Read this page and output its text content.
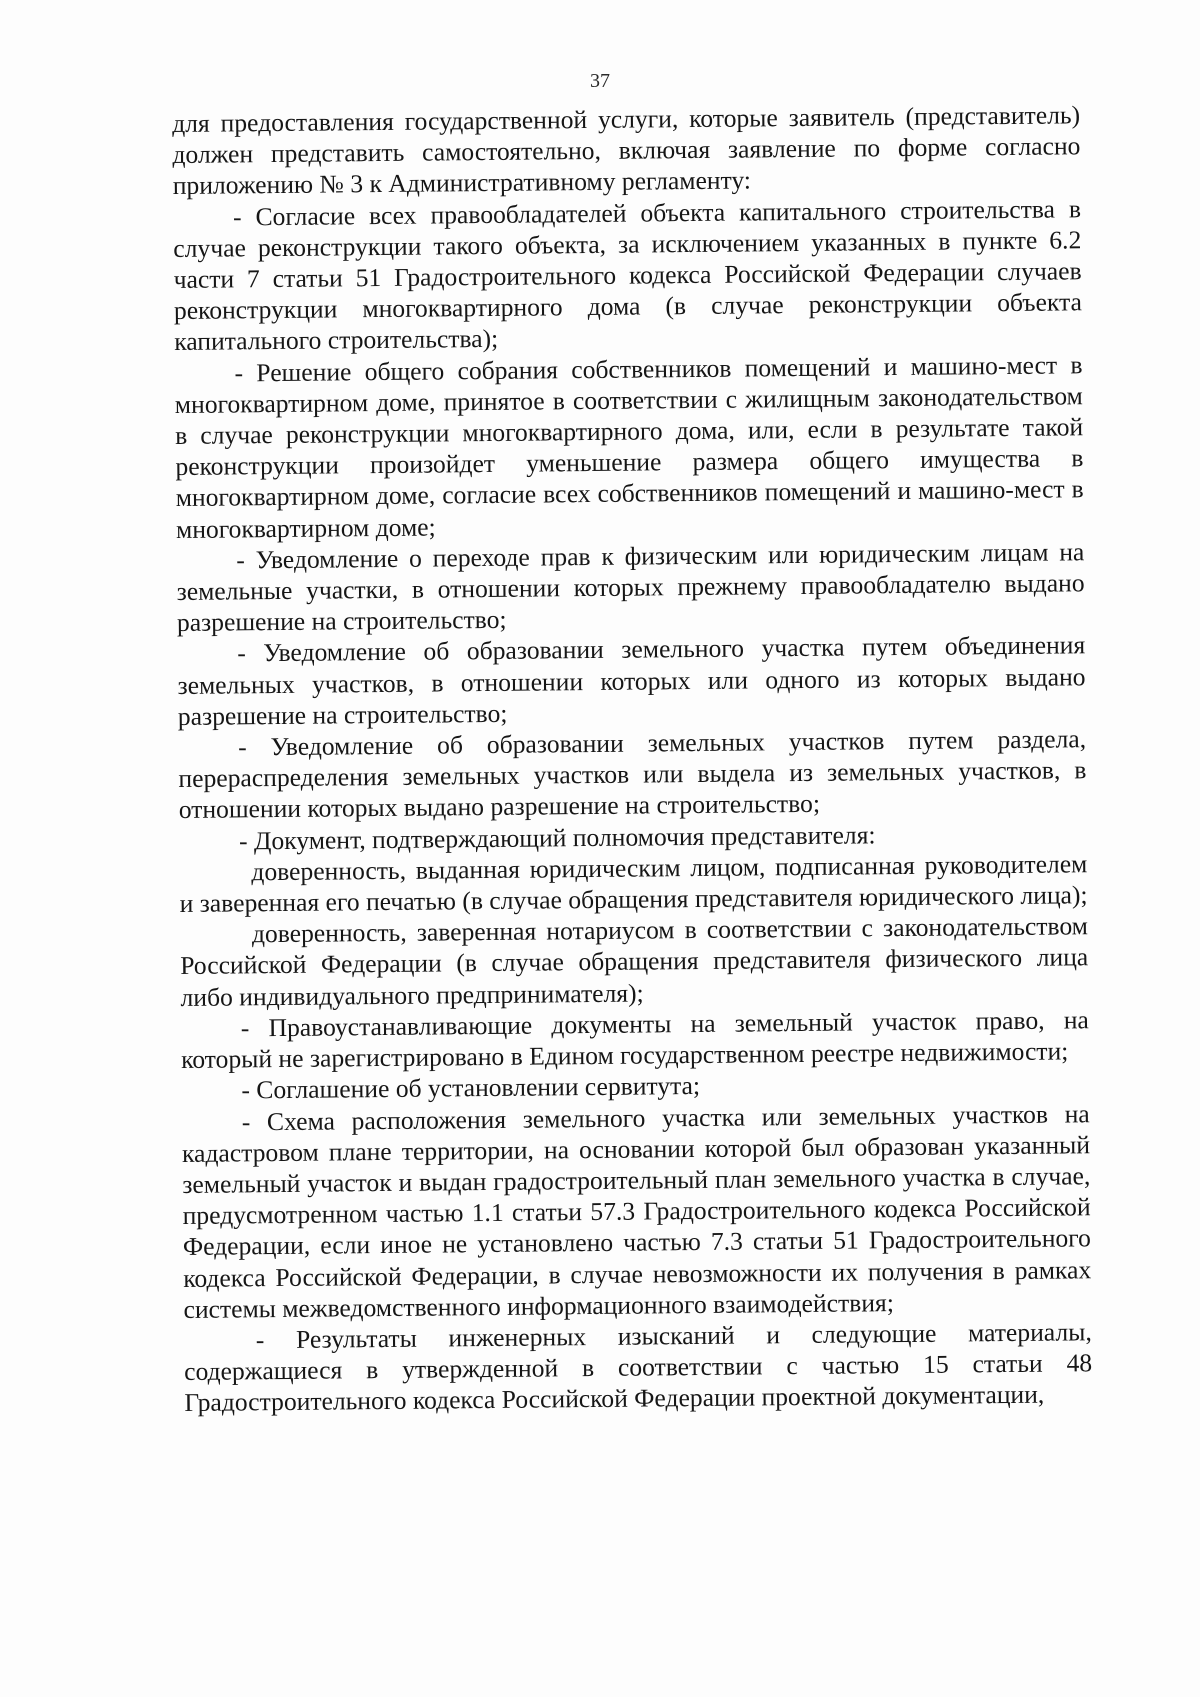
37

для предоставления государственной услуги, которые заявитель (представитель) должен представить самостоятельно, включая заявление по форме согласно приложению № 3 к Административному регламенту:

- Согласие всех правообладателей объекта капитального строительства в случае реконструкции такого объекта, за исключением указанных в пункте 6.2 части 7 статьи 51 Градостроительного кодекса Российской Федерации случаев реконструкции многоквартирного дома (в случае реконструкции объекта капитального строительства);

- Решение общего собрания собственников помещений и машино-мест в многоквартирном доме, принятое в соответствии с жилищным законодательством в случае реконструкции многоквартирного дома, или, если в результате такой реконструкции произойдет уменьшение размера общего имущества в многоквартирном доме, согласие всех собственников помещений и машино-мест в многоквартирном доме;

- Уведомление о переходе прав к физическим или юридическим лицам на земельные участки, в отношении которых прежнему правообладателю выдано разрешение на строительство;

- Уведомление об образовании земельного участка путем объединения земельных участков, в отношении которых или одного из которых выдано разрешение на строительство;

- Уведомление об образовании земельных участков путем раздела, перераспределения земельных участков или выдела из земельных участков, в отношении которых выдано разрешение на строительство;

- Документ, подтверждающий полномочия представителя:

доверенность, выданная юридическим лицом, подписанная руководителем и заверенная его печатью (в случае обращения представителя юридического лица);

доверенность, заверенная нотариусом в соответствии с законодательством Российской Федерации (в случае обращения представителя физического лица либо индивидуального предпринимателя);

- Правоустанавливающие документы на земельный участок право, на который не зарегистрировано в Едином государственном реестре недвижимости;

- Соглашение об установлении сервитута;

- Схема расположения земельного участка или земельных участков на кадастровом плане территории, на основании которой был образован указанный земельный участок и выдан градостроительный план земельного участка в случае, предусмотренном частью 1.1 статьи 57.3 Градостроительного кодекса Российской Федерации, если иное не установлено частью 7.3 статьи 51 Градостроительного кодекса Российской Федерации, в случае невозможности их получения в рамках системы межведомственного информационного взаимодействия;

- Результаты инженерных изысканий и следующие материалы, содержащиеся в утвержденной в соответствии с частью 15 статьи 48 Градостроительного кодекса Российской Федерации проектной документации,
